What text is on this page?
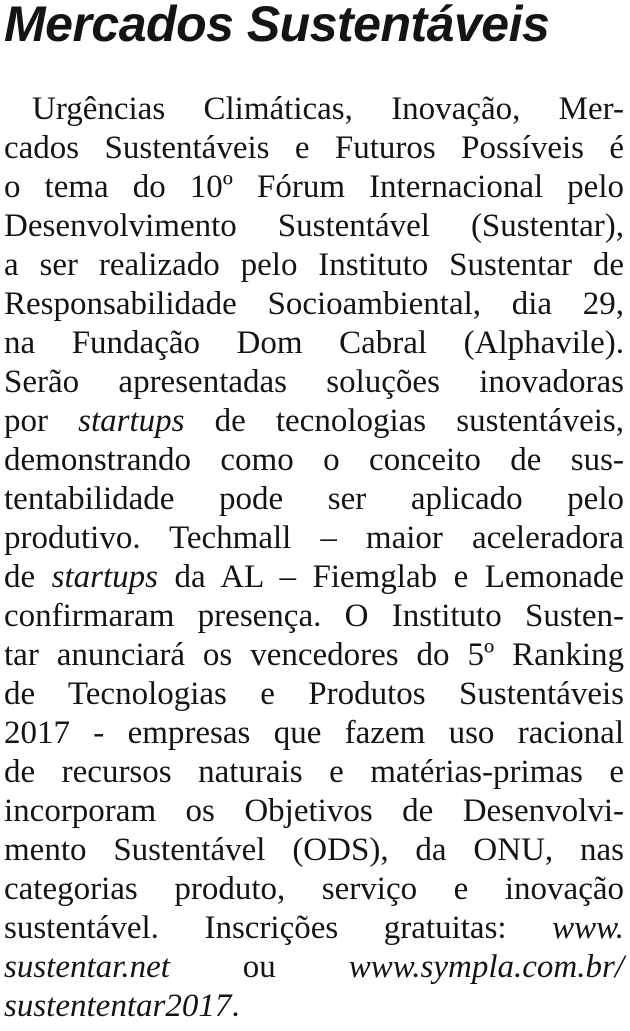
Mercados Sustentáveis
Urgências Climáticas, Inovação, Mer-
cados Sustentáveis e Futuros Possíveis é
o tema do 10º Fórum Internacional pelo
Desenvolvimento Sustentável (Sustentar),
a ser realizado pelo Instituto Sustentar de
Responsabilidade Socioambiental, dia 29,
na Fundação Dom Cabral (Alphavile).
Serão apresentadas soluções inovadoras
por startups de tecnologias sustentáveis,
demonstrando como o conceito de sus-
tentabilidade pode ser aplicado pelo
produtivo. Techmall – maior aceleradora
de startups da AL – Fiemglab e Lemonade
confirmaram presença. O Instituto Susten-
tar anunciará os vencedores do 5º Ranking
de Tecnologias e Produtos Sustentáveis
2017 - empresas que fazem uso racional
de recursos naturais e matérias-primas e
incorporam os Objetivos de Desenvolvi-
mento Sustentável (ODS), da ONU, nas
categorias produto, serviço e inovação
sustentável. Inscrições gratuitas: www.
sustentar.net ou www.sympla.com.br/
sustententar2017.
